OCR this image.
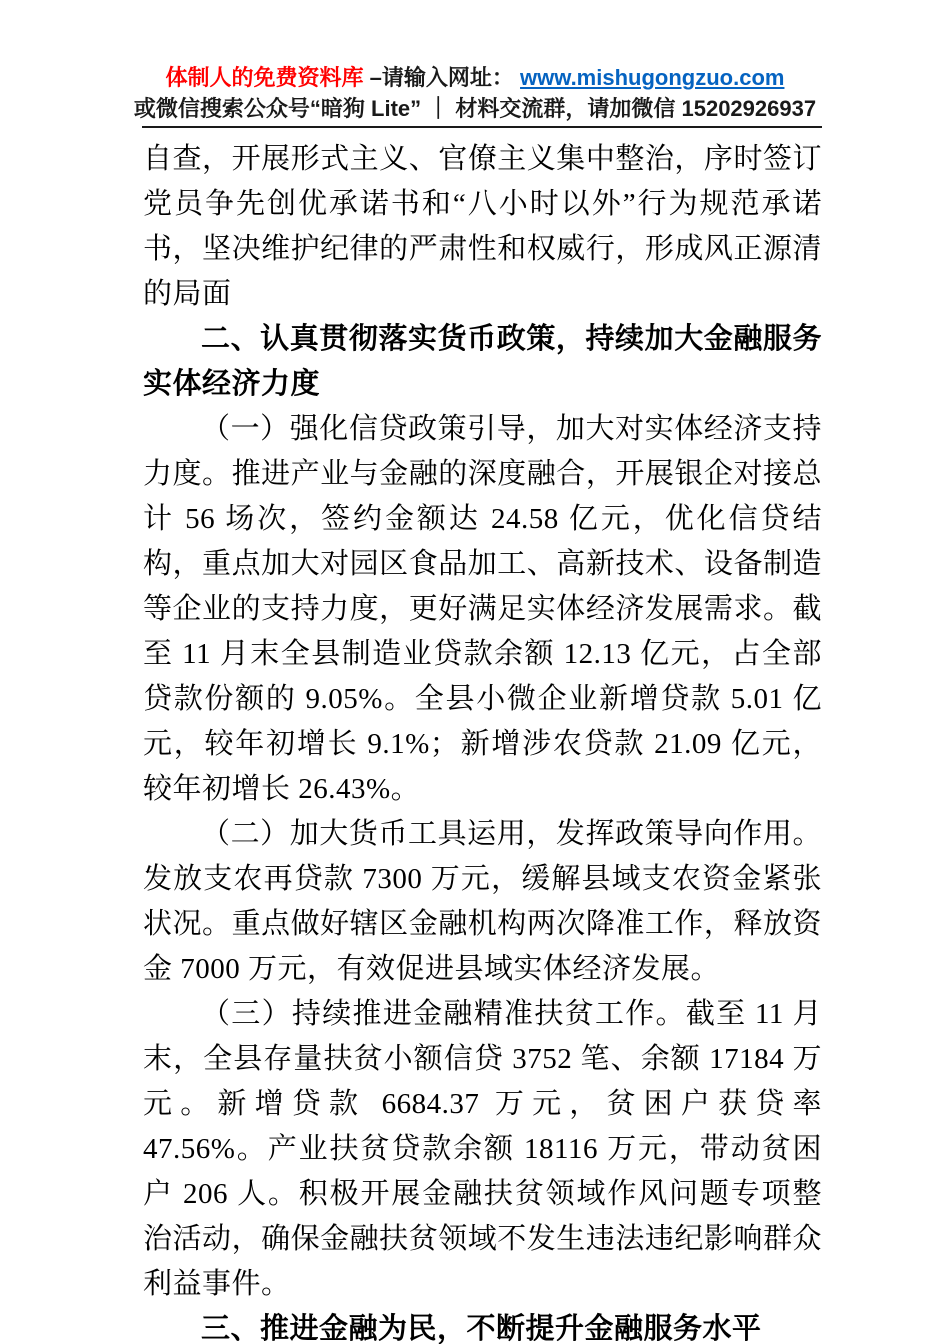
体制人的免费资料库 –请输入网址： www.mishugongzuo.com
或微信搜索公众号“暗狗 Lite” ｜ 材料交流群，请加微信 15202926937

自查，开展形式主义、官僚主义集中整治，序时签订党员争先创优承诺书和“八小时以外”行为规范承诺书，坚决维护纪律的严肃性和权威行，形成风正源清的局面

二、认真贯彻落实货币政策，持续加大金融服务实体经济力度

（一）强化信贷政策引导，加大对实体经济支持力度。推进产业与金融的深度融合，开展银企对接总计 56 场次，签约金额达 24.58 亿元，优化信贷结构，重点加大对园区食品加工、高新技术、设备制造等企业的支持力度，更好满足实体经济发展需求。截至 11 月末全县制造业贷款余额 12.13 亿元，占全部贷款份额的 9.05%。全县小微企业新增贷款 5.01 亿元，较年初增长 9.1%；新增涉农贷款 21.09 亿元，较年初增长 26.43%。

（二）加大货币工具运用，发挥政策导向作用。发放支农再贷款 7300 万元，缓解县域支农资金紧张状况。重点做好辖区金融机构两次降准工作，释放资金 7000 万元，有效促进县域实体经济发展。

（三）持续推进金融精准扶贫工作。截至 11 月末，全县存量扶贫小额信贷 3752 笔、余额 17184 万元。新增贷款 6684.37 万元，贫困户获贷率 47.56%。产业扶贫贷款余额 18116 万元，带动贫困户 206 人。积极开展金融扶贫领域作风问题专项整治活动，确保金融扶贫领域不发生违法违纪影响群众利益事件。

三、推进金融为民，不断提升金融服务水平
